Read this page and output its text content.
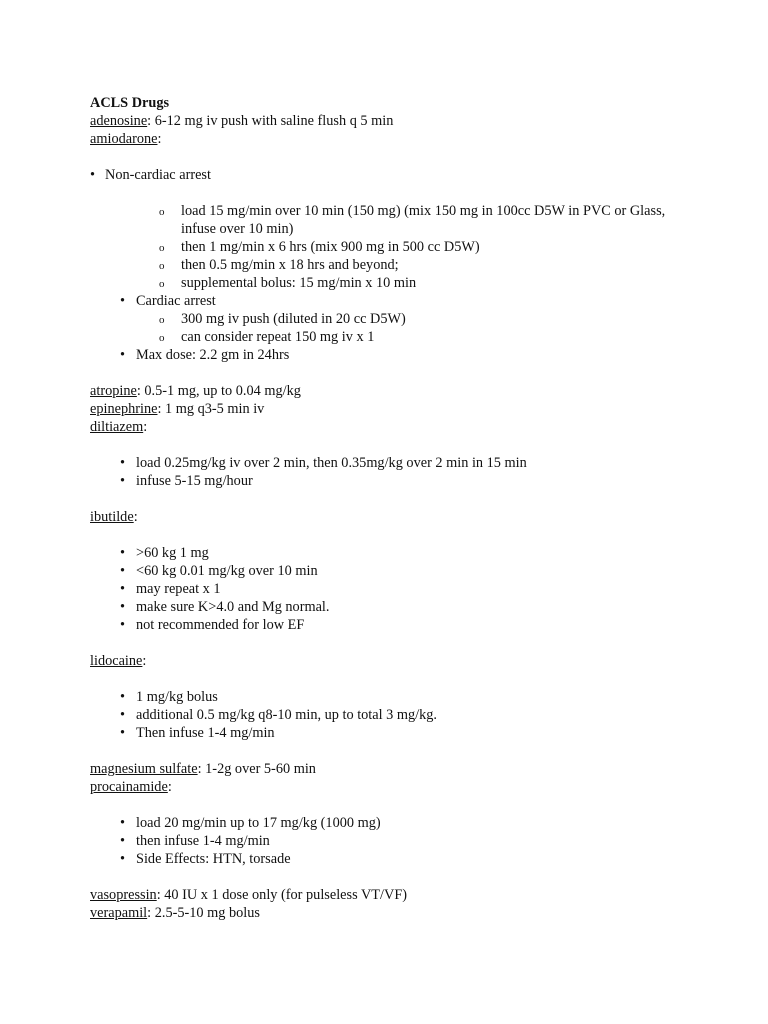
ACLS Drugs

adenosine: 6-12 mg iv push with saline flush q 5 min

amiodarone:

• Non-cardiac arrest
o load 15 mg/min over 10 min (150 mg) (mix 150 mg in 100cc D5W in PVC or Glass, infuse over 10 min)
o then 1 mg/min x 6 hrs (mix 900 mg in 500 cc D5W)
o then 0.5 mg/min x 18 hrs and beyond;
o supplemental bolus: 15 mg/min x 10 min
• Cardiac arrest
o 300 mg iv push (diluted in 20 cc D5W)
o can consider repeat 150 mg iv x 1
• Max dose: 2.2 gm in 24hrs

atropine: 0.5-1 mg, up to 0.04 mg/kg

epinephrine: 1 mg q3-5 min iv

diltiazem:

• load 0.25mg/kg iv over 2 min, then 0.35mg/kg over 2 min in 15 min
• infuse 5-15 mg/hour

ibutilde:

• >60 kg 1 mg
• <60 kg 0.01 mg/kg over 10 min
• may repeat x 1
• make sure K>4.0 and Mg normal.
• not recommended for low EF

lidocaine:

• 1 mg/kg bolus
• additional 0.5 mg/kg q8-10 min, up to total 3 mg/kg.
• Then infuse 1-4 mg/min

magnesium sulfate: 1-2g over 5-60 min

procainamide:

• load 20 mg/min up to 17 mg/kg (1000 mg)
• then infuse 1-4 mg/min
• Side Effects: HTN, torsade

vasopressin: 40 IU x 1 dose only (for pulseless VT/VF)

verapamil: 2.5-5-10 mg bolus
